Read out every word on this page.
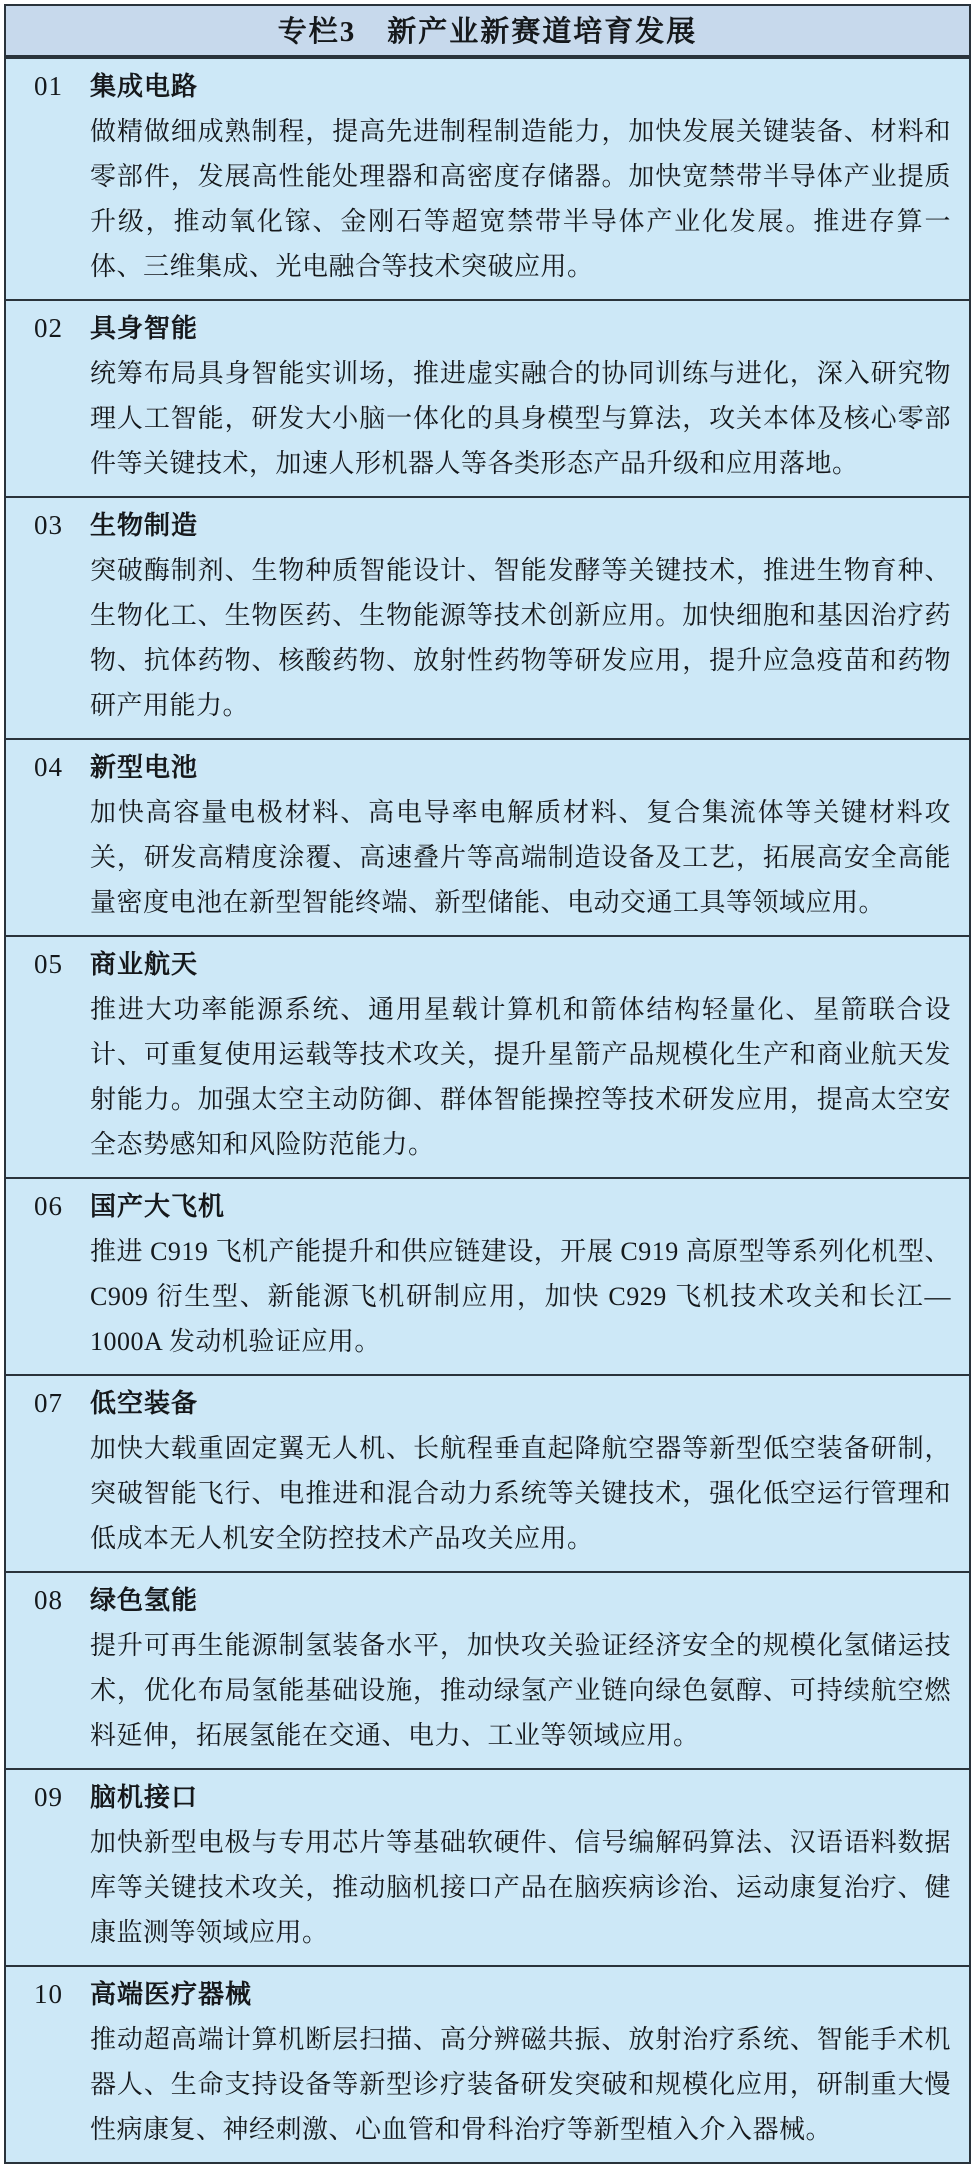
专栏3　新产业新赛道培育发展
01 集成电路

做精做细成熟制程，提高先进制程制造能力，加快发展关键装备、材料和零部件，发展高性能处理器和高密度存储器。加快宽禁带半导体产业提质升级，推动氧化镓、金刚石等超宽禁带半导体产业化发展。推进存算一体、三维集成、光电融合等技术突破应用。

02 具身智能

统筹布局具身智能实训场，推进虚实融合的协同训练与进化，深入研究物理人工智能，研发大小脑一体化的具身模型与算法，攻关本体及核心零部件等关键技术，加速人形机器人等各类形态产品升级和应用落地。

03 生物制造

突破酶制剂、生物种质智能设计、智能发酵等关键技术，推进生物育种、生物化工、生物医药、生物能源等技术创新应用。加快细胞和基因治疗药物、抗体药物、核酸药物、放射性药物等研发应用，提升应急疫苗和药物研产用能力。

04 新型电池

加快高容量电极材料、高电导率电解质材料、复合集流体等关键材料攻关，研发高精度涂覆、高速叠片等高端制造设备及工艺，拓展高安全高能量密度电池在新型智能终端、新型储能、电动交通工具等领域应用。

05 商业航天

推进大功率能源系统、通用星载计算机和箭体结构轻量化、星箭联合设计、可重复使用运载等技术攻关，提升星箭产品规模化生产和商业航天发射能力。加强太空主动防御、群体智能操控等技术研发应用，提高太空安全态势感知和风险防范能力。

06 国产大飞机

推进 C919 飞机产能提升和供应链建设，开展 C919 高原型等系列化机型、C909 衍生型、新能源飞机研制应用，加快 C929 飞机技术攻关和长江—1000A 发动机验证应用。

07 低空装备

加快大载重固定翼无人机、长航程垂直起降航空器等新型低空装备研制，突破智能飞行、电推进和混合动力系统等关键技术，强化低空运行管理和低成本无人机安全防控技术产品攻关应用。

08 绿色氢能

提升可再生能源制氢装备水平，加快攻关验证经济安全的规模化氢储运技术，优化布局氢能基础设施，推动绿氢产业链向绿色氨醇、可持续航空燃料延伸，拓展氢能在交通、电力、工业等领域应用。

09 脑机接口

加快新型电极与专用芯片等基础软硬件、信号编解码算法、汉语语料数据库等关键技术攻关，推动脑机接口产品在脑疾病诊治、运动康复治疗、健康监测等领域应用。

10 高端医疗器械

推动超高端计算机断层扫描、高分辨磁共振、放射治疗系统、智能手术机器人、生命支持设备等新型诊疗装备研发突破和规模化应用，研制重大慢性病康复、神经刺激、心血管和骨科治疗等新型植入介入器械。
